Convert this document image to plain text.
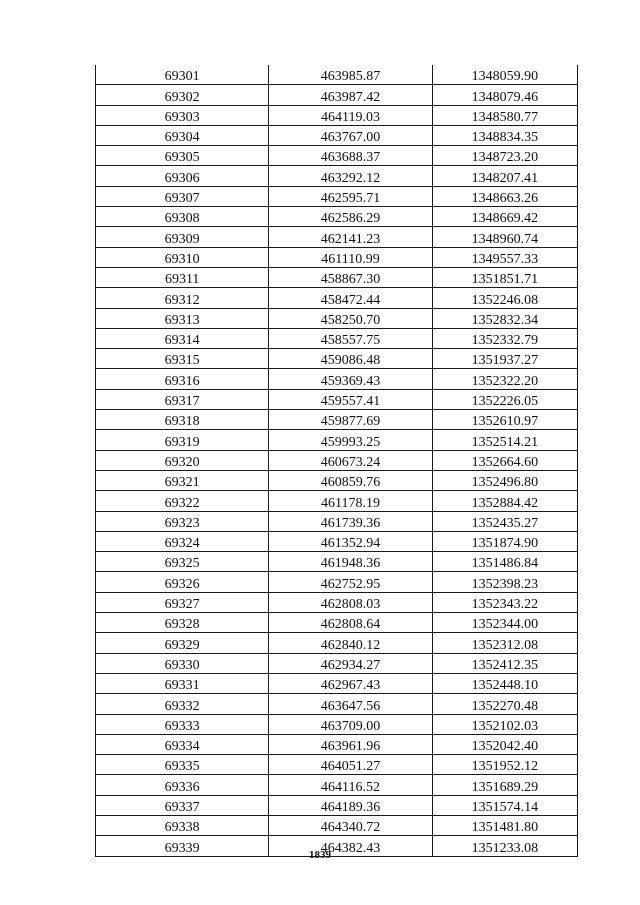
69301	463985.87	1348059.90
69302	463987.42	1348079.46
69303	464119.03	1348580.77
69304	463767.00	1348834.35
69305	463688.37	1348723.20
69306	463292.12	1348207.41
69307	462595.71	1348663.26
69308	462586.29	1348669.42
69309	462141.23	1348960.74
69310	461110.99	1349557.33
69311	458867.30	1351851.71
69312	458472.44	1352246.08
69313	458250.70	1352832.34
69314	458557.75	1352332.79
69315	459086.48	1351937.27
69316	459369.43	1352322.20
69317	459557.41	1352226.05
69318	459877.69	1352610.97
69319	459993.25	1352514.21
69320	460673.24	1352664.60
69321	460859.76	1352496.80
69322	461178.19	1352884.42
69323	461739.36	1352435.27
69324	461352.94	1351874.90
69325	461948.36	1351486.84
69326	462752.95	1352398.23
69327	462808.03	1352343.22
69328	462808.64	1352344.00
69329	462840.12	1352312.08
69330	462934.27	1352412.35
69331	462967.43	1352448.10
69332	463647.56	1352270.48
69333	463709.00	1352102.03
69334	463961.96	1352042.40
69335	464051.27	1351952.12
69336	464116.52	1351689.29
69337	464189.36	1351574.14
69338	464340.72	1351481.80
69339	464382.43	1351233.08
1839
